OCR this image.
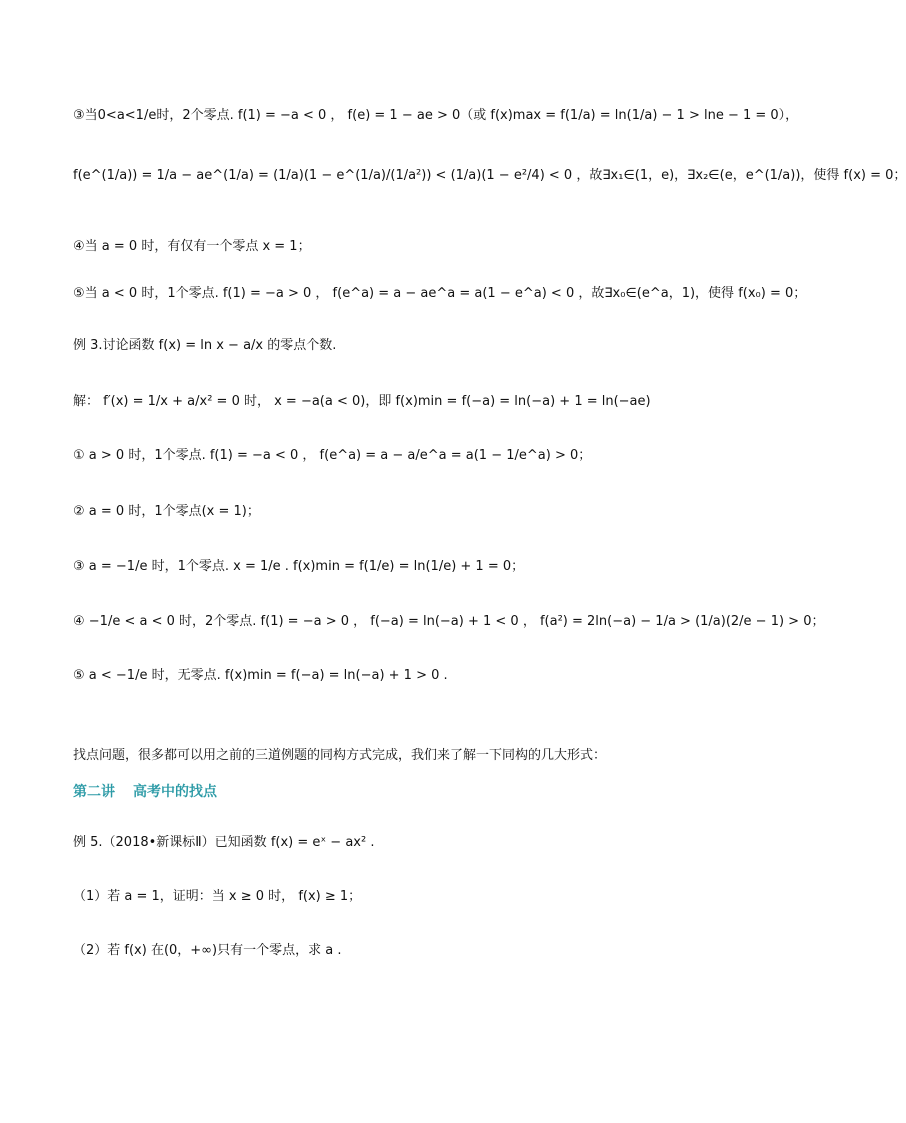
③当0<a<1/e时，2个零点. f(1) = −a < 0 ， f(e) = 1 − ae > 0（或 f(x)max = f(1/a) = ln(1/a) − 1 > lne − 1 = 0），
f(e^(1/a)) = 1/a − ae^(1/a) = (1/a)(1 − e^(1/a)/(1/a²)) < (1/a)(1 − e²/4) < 0 ，故∃x₁∈(1，e)，∃x₂∈(e，e^(1/a))，使得 f(x) = 0；
④当 a = 0 时，有仅有一个零点 x = 1；
⑤当 a < 0 时，1个零点. f(1) = −a > 0 ， f(e^a) = a − ae^a = a(1 − e^a) < 0 ，故∃x₀∈(e^a，1)，使得 f(x₀) = 0；
例 3.讨论函数 f(x) = ln x − a/x 的零点个数.
解： f′(x) = 1/x + a/x² = 0 时， x = −a(a < 0)，即 f(x)min = f(−a) = ln(−a) + 1 = ln(−ae)
① a > 0 时，1个零点. f(1) = −a < 0 ， f(e^a) = a − a/e^a = a(1 − 1/e^a) > 0；
② a = 0 时，1个零点(x = 1)；
③ a = −1/e 时，1个零点. x = 1/e . f(x)min = f(1/e) = ln(1/e) + 1 = 0；
④ −1/e < a < 0 时，2个零点. f(1) = −a > 0 ， f(−a) = ln(−a) + 1 < 0 ， f(a²) = 2ln(−a) − 1/a > (1/a)(2/e − 1) > 0；
⑤ a < −1/e 时，无零点. f(x)min = f(−a) = ln(−a) + 1 > 0 .
找点问题，很多都可以用之前的三道例题的同构方式完成，我们来了解一下同构的几大形式：
第二讲 高考中的找点
例 5.（2018•新课标Ⅱ）已知函数 f(x) = eˣ − ax² .
（1）若 a = 1，证明：当 x ≥ 0 时， f(x) ≥ 1；
（2）若 f(x) 在(0，+∞)只有一个零点，求 a .
